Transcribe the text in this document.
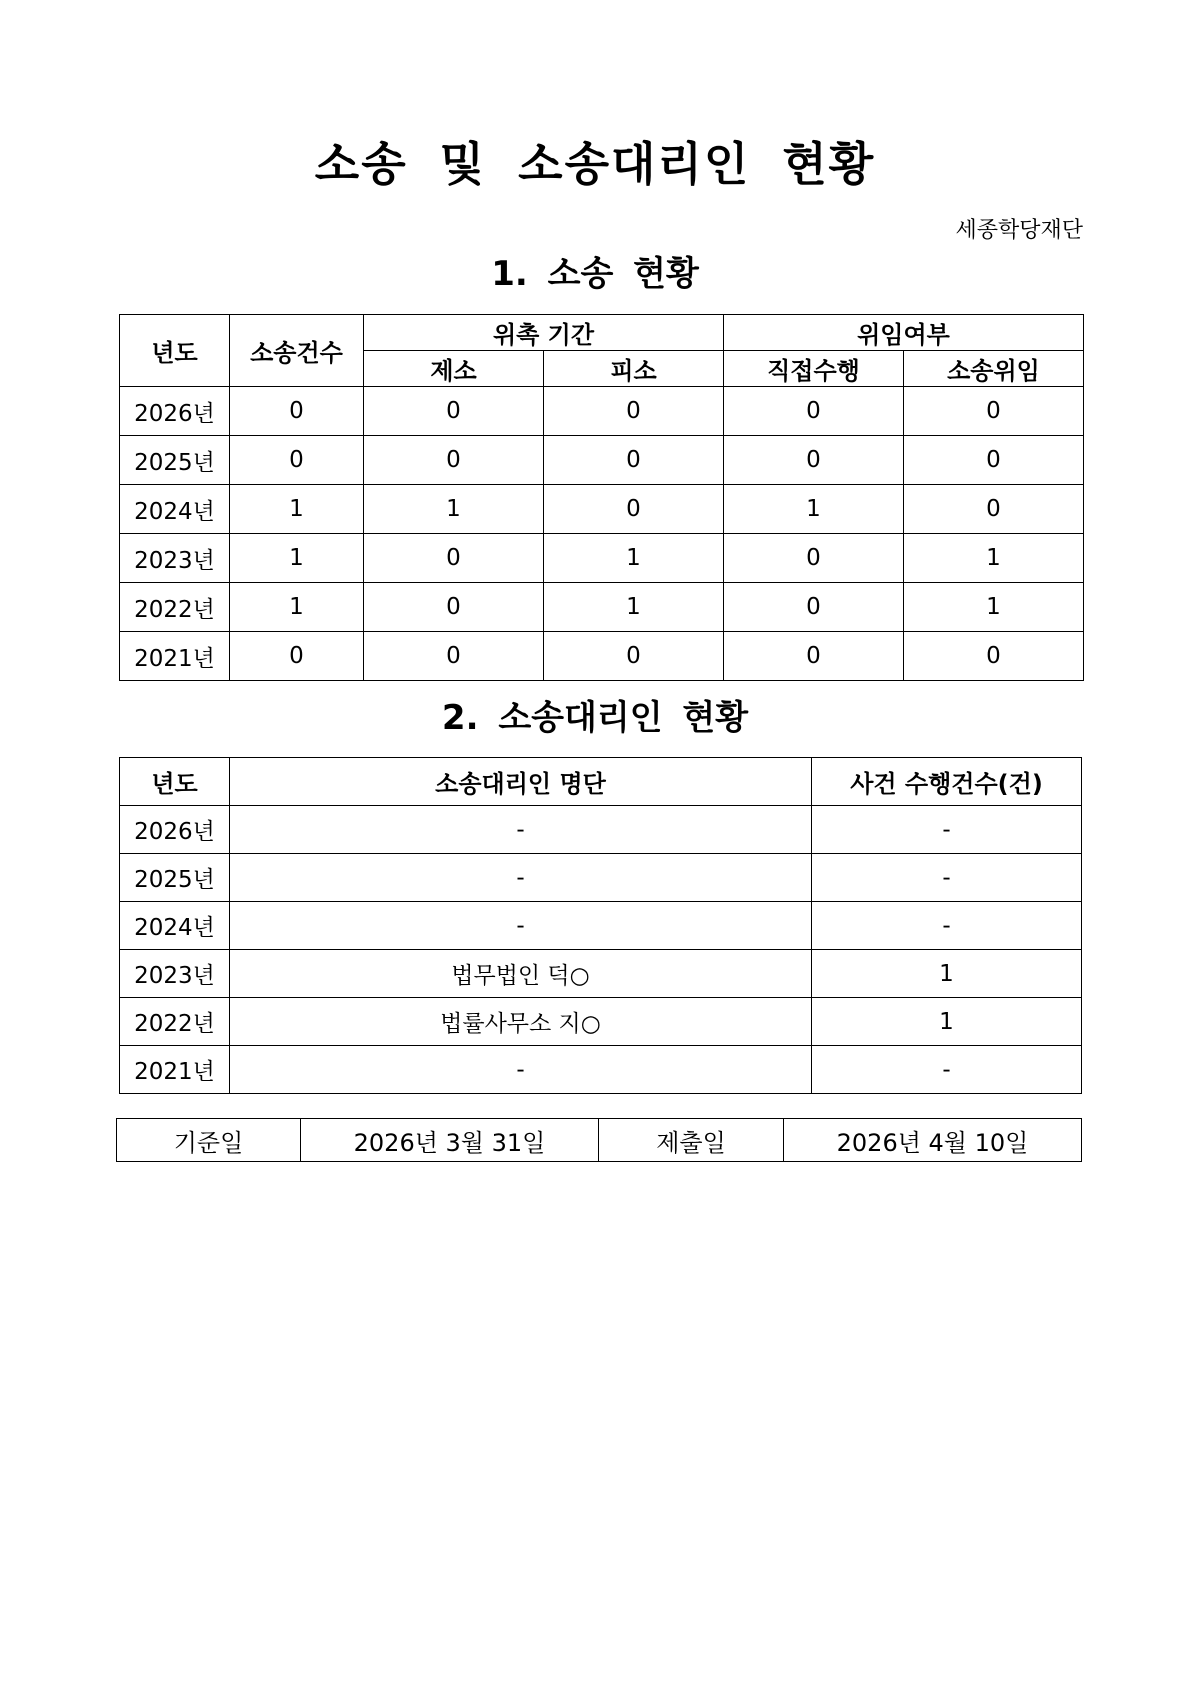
소송 및 소송대리인 현황
세종학당재단
1. 소송 현황
년도	소송건수	위촉 기간		위임여부	
		제소	피소	직접수행	소송위임
2026년	0	0	0	0	0
2025년	0	0	0	0	0
2024년	1	1	0	1	0
2023년	1	0	1	0	1
2022년	1	0	1	0	1
2021년	0	0	0	0	0
2. 소송대리인 현황
년도	소송대리인 명단	사건 수행건수(건)
2026년	-	-
2025년	-	-
2024년	-	-
2023년	법무법인 덕○	1
2022년	법률사무소 지○	1
2021년	-	-
기준일	2026년 3월 31일	제출일	2026년 4월 10일
